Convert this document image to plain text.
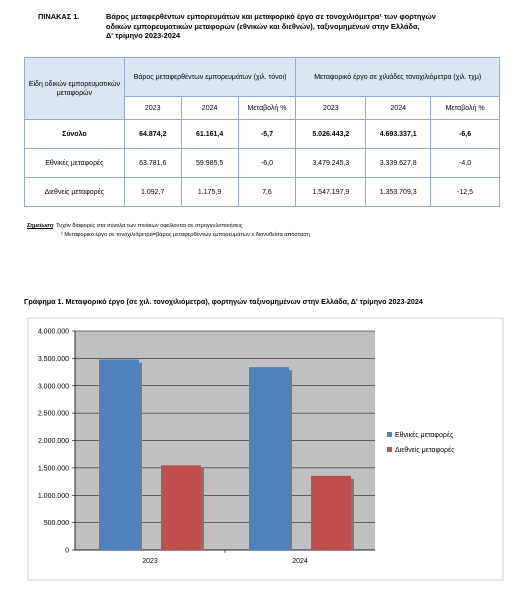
ΠΙΝΑΚΑΣ 1.	Βάρος μεταφερθέντων εμπορευμάτων και μεταφορικό έργο σε τονοχιλιόμετρα¹ των φορτηγών
οδικών εμπορευματικών μεταφορών (εθνικών και διεθνών), ταξινομημένων στην Ελλάδα,
Δ' τρίμηνο 2023-2024
Είδη οδικών εμπορευματικών μεταφορών	Βάρος μεταφερθέντων εμπορευμάτων (χιλ. τόνοι)			Μεταφορικό έργο σε χιλιάδες τονοχιλιόμετρα (χιλ. τχμ)		
	2023	2024	Μεταβολή %	2023	2024	Μεταβολή %
Σύνολο	64.874,2	61.161,4	-5,7	5.026.443,2	4.693.337,1	-6,6
Εθνικές μεταφορές	63.781,6	59.985,5	-6,0	3.479.245,3	3.339.627,8	-4,0
Διεθνείς μεταφορές	1.092,7	1.175,9	7,6	1.547.197,9	1.353.709,3	-12,5
Σημείωση: Τυχόν διαφορές στα σύνολα των πινάκων οφείλονται σε στρογγυλοποιήσεις
¹ Μεταφορικό έργο σε τονοχιλιόμετρα=βάρος μεταφερθέντων εμπορευμάτων x διανυθείσα απόσταση
Γράφημα 1. Μεταφορικό έργο (σε χιλ. τονοχιλιόμετρα), φορτηγών ταξινομημένων στην Ελλάδα, Δ' τρίμηνο 2023-2024
0
500.000
1.000.000
1.500.000
2.000.000
2.500.000
3.000.000
3.500.000
4.000.000
2023	2024
Εθνικές μεταφορές
Διεθνείς μεταφορές
